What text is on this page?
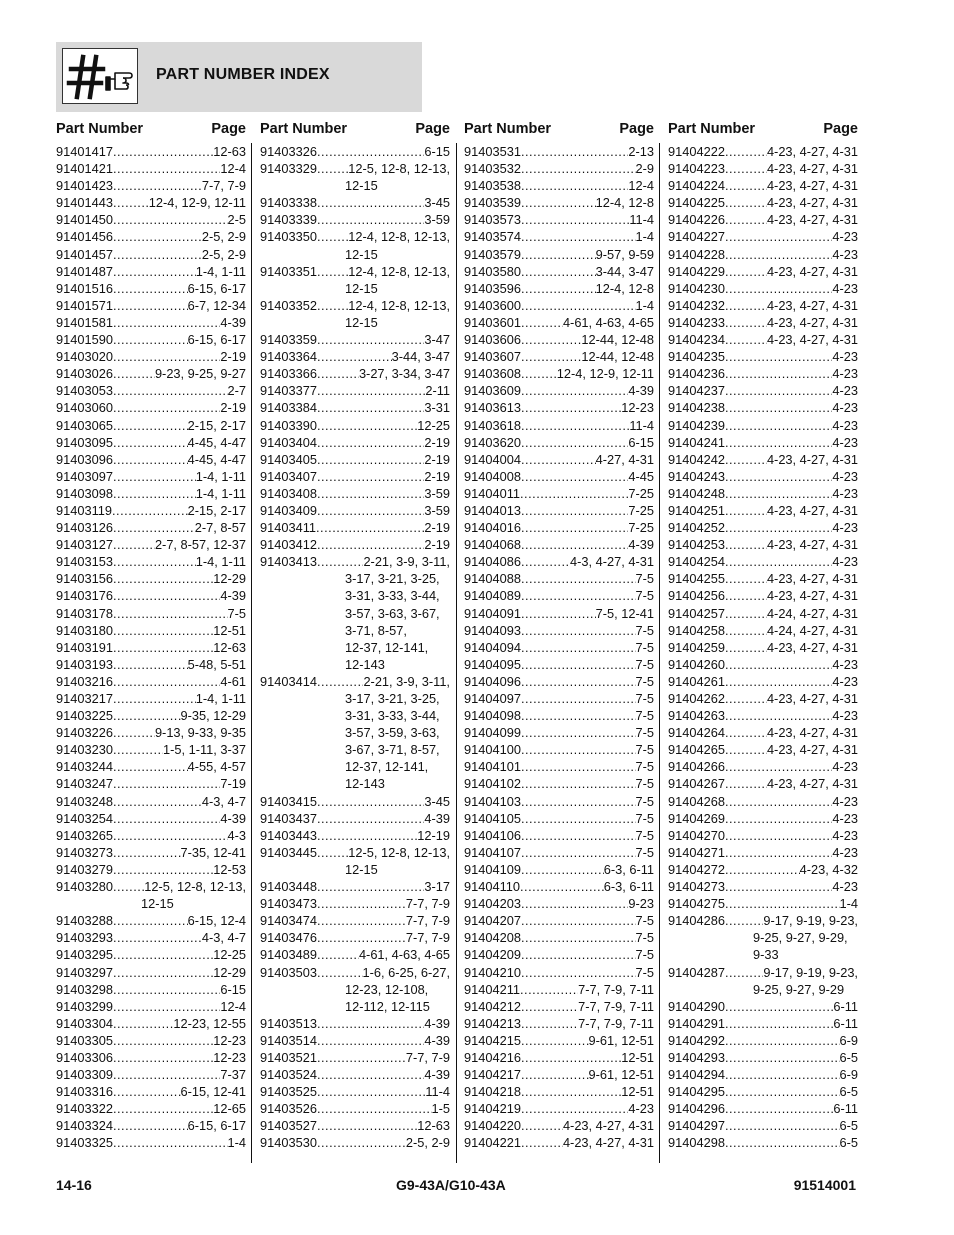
PART NUMBER INDEX
Part Number	Page
91401417 .....	12-63
91401421 .....	12-4
91401423 .....	7-7, 7-9
91401443 .....	12-4, 12-9, 12-11
91401450 .....	2-5
91401456 .....	2-5, 2-9
91401457 .....	2-5, 2-9
91401487 .....	1-4, 1-11
91401516 .....	6-15, 6-17
91401571 .....	6-7, 12-34
91401581 .....	4-39
91401590 .....	6-15, 6-17
91403020 .....	2-19
91403026 .....	9-23, 9-25, 9-27
91403053 .....	2-7
91403060 .....	2-19
91403065 .....	2-15, 2-17
91403095 .....	4-45, 4-47
91403096 .....	4-45, 4-47
91403097 .....	1-4, 1-11
91403098 .....	1-4, 1-11
91403119 .....	2-15, 2-17
91403126 .....	2-7, 8-57
91403127 .....	2-7, 8-57, 12-37
91403153 .....	1-4, 1-11
91403156 .....	12-29
91403176 .....	4-39
91403178 .....	7-5
91403180 .....	12-51
91403191 .....	12-63
91403193 .....	5-48, 5-51
91403216 .....	4-61
91403217 .....	1-4, 1-11
91403225 .....	9-35, 12-29
91403226 .....	9-13, 9-33, 9-35
91403230 .....	1-5, 1-11, 3-37
91403244 .....	4-55, 4-57
91403247 .....	7-19
91403248 .....	4-3, 4-7
91403254 .....	4-39
91403265 .....	4-3
91403273 .....	7-35, 12-41
91403279 .....	12-53
91403280 ..... 12-5, 12-8, 12-13,
12-15
91403288 .....	6-15, 12-4
91403293 .....	4-3, 4-7
91403295 .....	12-25
91403297 .....	12-29
91403298 .....	6-15
91403299 .....	12-4
91403304 .....	12-23, 12-55
91403305 .....	12-23
91403306 .....	12-23
91403309 .....	7-37
91403316 .....	6-15, 12-41
91403322 .....	12-65
91403324 .....	6-15, 6-17
91403325 .....	1-4
Part Number	Page
91403326 .....	6-15
91403329 ..... 12-5, 12-8, 12-13,
12-15
91403338 .....	3-45
91403339 .....	3-59
91403350 ..... 12-4, 12-8, 12-13,
12-15
91403351 ..... 12-4, 12-8, 12-13,
12-15
91403352 ..... 12-4, 12-8, 12-13,
12-15
91403359 .....	3-47
91403364 .....	3-44, 3-47
91403366 .....	3-27, 3-34, 3-47
91403377 .....	2-11
91403384 .....	3-31
91403390 .....	12-25
91403404 .....	2-19
91403405 .....	2-19
91403407 .....	2-19
91403408 .....	3-59
91403409 .....	3-59
91403411 .....	2-19
91403412 .....	2-19
91403413 .....	2-21, 3-9, 3-11,
3-17, 3-21, 3-25,
3-31, 3-33, 3-44,
3-57, 3-63, 3-67,
3-71, 8-57,
12-37, 12-141,
12-143
91403414 .....	2-21, 3-9, 3-11,
3-17, 3-21, 3-25,
3-31, 3-33, 3-44,
3-57, 3-59, 3-63,
3-67, 3-71, 8-57,
12-37, 12-141,
12-143
91403415 .....	3-45
91403437 .....	4-39
91403443 .....	12-19
91403445 ..... 12-5, 12-8, 12-13,
12-15
91403448 .....	3-17
91403473 .....	7-7, 7-9
91403474 .....	7-7, 7-9
91403476 .....	7-7, 7-9
91403489 .....	4-61, 4-63, 4-65
91403503 .....	1-6, 6-25, 6-27,
12-23, 12-108,
12-112, 12-115
91403513 .....	4-39
91403514 .....	4-39
91403521 .....	7-7, 7-9
91403524 .....	4-39
91403525 .....	11-4
91403526 .....	1-5
91403527 .....	12-63
91403530 .....	2-5, 2-9
Part Number	Page
91403531 .....	2-13
91403532 .....	2-9
91403538 .....	12-4
91403539 .....	12-4, 12-8
91403573 .....	11-4
91403574 .....	1-4
91403579 .....	9-57, 9-59
91403580 .....	3-44, 3-47
91403596 .....	12-4, 12-8
91403600 .....	1-4
91403601 .....	4-61, 4-63, 4-65
91403606 .....	12-44, 12-48
91403607 .....	12-44, 12-48
91403608 .....	12-4, 12-9, 12-11
91403609 .....	4-39
91403613 .....	12-23
91403618 .....	11-4
91403620 .....	6-15
91404004 .....	4-27, 4-31
91404008 .....	4-45
91404011 .....	7-25
91404013 .....	7-25
91404016 .....	7-25
91404068 .....	4-39
91404086 .....	4-3, 4-27, 4-31
91404088 .....	7-5
91404089 .....	7-5
91404091 .....	7-5, 12-41
91404093 .....	7-5
91404094 .....	7-5
91404095 .....	7-5
91404096 .....	7-5
91404097 .....	7-5
91404098 .....	7-5
91404099 .....	7-5
91404100 .....	7-5
91404101 .....	7-5
91404102 .....	7-5
91404103 .....	7-5
91404105 .....	7-5
91404106 .....	7-5
91404107 .....	7-5
91404109 .....	6-3, 6-11
91404110 .....	6-3, 6-11
91404203 .....	9-23
91404207 .....	7-5
91404208 .....	7-5
91404209 .....	7-5
91404210 .....	7-5
91404211 .....	7-7, 7-9, 7-11
91404212 .....	7-7, 7-9, 7-11
91404213 .....	7-7, 7-9, 7-11
91404215 .....	9-61, 12-51
91404216 .....	12-51
91404217 .....	9-61, 12-51
91404218 .....	12-51
91404219 .....	4-23
91404220 .....	4-23, 4-27, 4-31
91404221 .....	4-23, 4-27, 4-31
Part Number	Page
91404222 .....	4-23, 4-27, 4-31
91404223 .....	4-23, 4-27, 4-31
91404224 .....	4-23, 4-27, 4-31
91404225 .....	4-23, 4-27, 4-31
91404226 .....	4-23, 4-27, 4-31
91404227 .....	4-23
91404228 .....	4-23
91404229 .....	4-23, 4-27, 4-31
91404230 .....	4-23
91404232 .....	4-23, 4-27, 4-31
91404233 .....	4-23, 4-27, 4-31
91404234 .....	4-23, 4-27, 4-31
91404235 .....	4-23
91404236 .....	4-23
91404237 .....	4-23
91404238 .....	4-23
91404239 .....	4-23
91404241 .....	4-23
91404242 .....	4-23, 4-27, 4-31
91404243 .....	4-23
91404248 .....	4-23
91404251 .....	4-23, 4-27, 4-31
91404252 .....	4-23
91404253 .....	4-23, 4-27, 4-31
91404254 .....	4-23
91404255 .....	4-23, 4-27, 4-31
91404256 .....	4-23, 4-27, 4-31
91404257 .....	4-24, 4-27, 4-31
91404258 .....	4-24, 4-27, 4-31
91404259 .....	4-23, 4-27, 4-31
91404260 .....	4-23
91404261 .....	4-23
91404262 .....	4-23, 4-27, 4-31
91404263 .....	4-23
91404264 .....	4-23, 4-27, 4-31
91404265 .....	4-23, 4-27, 4-31
91404266 .....	4-23
91404267 .....	4-23, 4-27, 4-31
91404268 .....	4-23
91404269 .....	4-23
91404270 .....	4-23
91404271 .....	4-23
91404272 .....	4-23, 4-32
91404273 .....	4-23
91404275 .....	1-4
91404286 .....	9-17, 9-19, 9-23,
9-25, 9-27, 9-29,
9-33
91404287 .....	9-17, 9-19, 9-23,
9-25, 9-27, 9-29
91404290 .....	6-11
91404291 .....	6-11
91404292 .....	6-9
91404293 .....	6-5
91404294 .....	6-9
91404295 .....	6-5
91404296 .....	6-11
91404297 .....	6-5
91404298 .....	6-5
14-16	G9-43A/G10-43A	91514001
